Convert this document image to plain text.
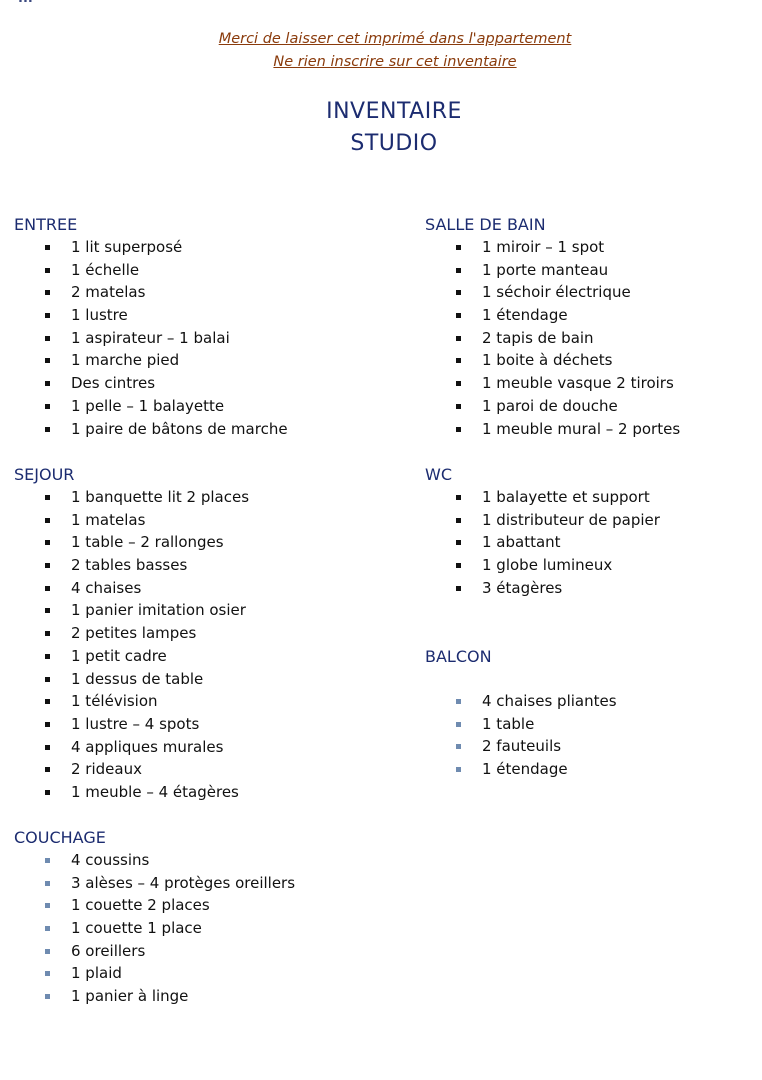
Merci de laisser cet imprimé dans l'appartement
Ne rien inscrire sur cet inventaire
INVENTAIRE
STUDIO
ENTREE
1 lit superposé
1 échelle
2 matelas
1 lustre
1 aspirateur – 1 balai
1 marche pied
Des cintres
1 pelle – 1 balayette
1 paire de bâtons de marche
SEJOUR
1 banquette lit 2 places
1 matelas
1 table – 2 rallonges
2 tables basses
4 chaises
1 panier imitation osier
2 petites lampes
1 petit cadre
1 dessus de table
1 télévision
1 lustre – 4 spots
4 appliques murales
2 rideaux
1 meuble – 4 étagères
COUCHAGE
4 coussins
3 alèses – 4 protèges oreillers
1 couette 2 places
1 couette 1 place
6 oreillers
1 plaid
1 panier à linge
SALLE DE BAIN
1 miroir – 1 spot
1 porte manteau
1 séchoir électrique
1 étendage
2 tapis de bain
1 boite à déchets
1 meuble vasque 2 tiroirs
1 paroi de douche
1 meuble mural – 2 portes
WC
1 balayette et support
1 distributeur de papier
1 abattant
1 globe lumineux
3 étagères
BALCON
4 chaises pliantes
1 table
2 fauteuils
1 étendage
